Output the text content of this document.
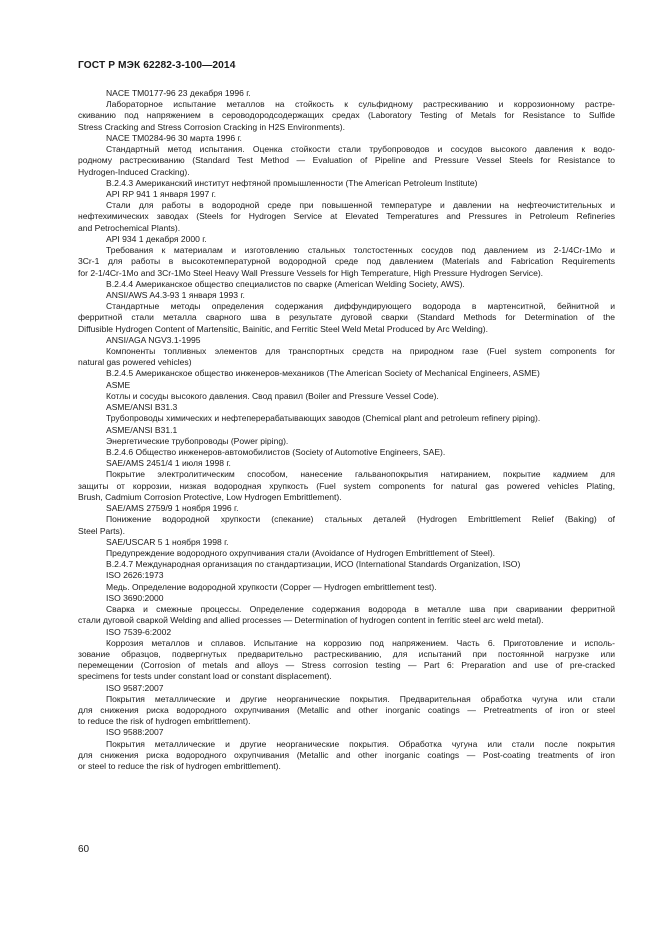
ГОСТ Р МЭК 62282-3-100—2014

NACE TM0177-96 23 декабря 1996 г.

Лабораторное испытание металлов на стойкость к сульфидному растрескиванию и коррозионному растре-

скиванию под напряжением в сероводородсодержащих средах (Laboratory Testing of Metals for Resistance to Sulfide

Stress Cracking and Stress Corrosion Cracking in H2S Environments).

NACE TM0284-96 30 марта 1996 г.

Стандартный метод испытания. Оценка стойкости стали трубопроводов и сосудов высокого давления к водо-

родному растрескиванию (Standard Test Method — Evaluation of Pipeline and Pressure Vessel Steels for Resistance to

Hydrogen-Induced Cracking).

B.2.4.3 Американский институт нефтяной промышленности (The American Petroleum Institute)

API RP 941 1 января 1997 г.

Стали для работы в водородной среде при повышенной температуре и давлении на нефтеочистительных и

нефтехимических заводах (Steels for Hydrogen Service at Elevated Temperatures and Pressures in Petroleum Refineries

and Petrochemical Plants).

API 934 1 декабря 2000 г.

Требования к материалам и изготовлению стальных толстостенных сосудов под давлением из 2-1/4Cr-1Mo и

3Cr-1 для работы в высокотемпературной водородной среде под давлением (Materials and Fabrication Requirements

for 2-1/4Cr-1Mo and 3Cr-1Mo Steel Heavy Wall Pressure Vessels for High Temperature, High Pressure Hydrogen Service).

B.2.4.4 Американское общество специалистов по сварке (American Welding Society, AWS).

ANSI/AWS A4.3-93 1 января 1993 г.

Стандартные методы определения содержания диффундирующего водорода в мартенситной, бейнитной и

ферритной стали металла сварного шва в результате дуговой сварки (Standard Methods for Determination of the

Diffusible Hydrogen Content of Martensitic, Bainitic, and Ferritic Steel Weld Metal Produced by Arc Welding).

ANSI/AGA NGV3.1-1995

Компоненты топливных элементов для транспортных средств на природном газе (Fuel system components for

natural gas powered vehicles)

B.2.4.5 Американское общество инженеров-механиков (The American Society of Mechanical Engineers, ASME)

ASME

Котлы и сосуды высокого давления. Свод правил (Boiler and Pressure Vessel Code).

ASME/ANSI B31.3

Трубопроводы химических и нефтеперерабатывающих заводов (Chemical plant and petroleum refinery piping).

ASME/ANSI B31.1

Энергетические трубопроводы (Power piping).

B.2.4.6 Общество инженеров-автомобилистов (Society of Automotive Engineers, SAE).

SAE/AMS 2451/4 1 июля 1998 г.

Покрытие электролитическим способом, нанесение гальванопокрытия натиранием, покрытие кадмием для

защиты от коррозии, низкая водородная хрупкость (Fuel system components for natural gas powered vehicles Plating,

Brush, Cadmium Corrosion Protective, Low Hydrogen Embrittlement).

SAE/AMS 2759/9 1 ноября 1996 г.

Понижение водородной хрупкости (спекание) стальных деталей (Hydrogen Embrittlement Relief (Baking) of

Steel Parts).

SAE/USCAR 5 1 ноября 1998 г.

Предупреждение водородного охрупчивания стали (Avoidance of Hydrogen Embrittlement of Steel).

B.2.4.7 Международная организация по стандартизации, ИСО (International Standards Organization, ISO)

ISO 2626:1973

Медь. Определение водородной хрупкости (Copper — Hydrogen embrittlement test).

ISO 3690:2000

Сварка и смежные процессы. Определение содержания водорода в металле шва при сваривании ферритной

стали дуговой сваркой Welding and allied processes — Determination of hydrogen content in ferritic steel arc weld metal).

ISO 7539-6:2002

Коррозия металлов и сплавов. Испытание на коррозию под напряжением. Часть 6. Приготовление и исполь-

зование образцов, подвергнутых предварительно растрескиванию, для испытаний при постоянной нагрузке или

перемещении (Corrosion of metals and alloys — Stress corrosion testing — Part 6: Preparation and use of pre-cracked

specimens for tests under constant load or constant displacement).

ISO 9587:2007

Покрытия металлические и другие неорганические покрытия. Предварительная обработка чугуна или стали

для снижения риска водородного охрупчивания (Metallic and other inorganic coatings — Pretreatments of iron or steel

to reduce the risk of hydrogen embrittlement).

ISO 9588:2007

Покрытия металлические и другие неорганические покрытия. Обработка чугуна или стали после покрытия

для снижения риска водородного охрупчивания (Metallic and other inorganic coatings — Post-coating treatments of iron

or steel to reduce the risk of hydrogen embrittlement).

60
